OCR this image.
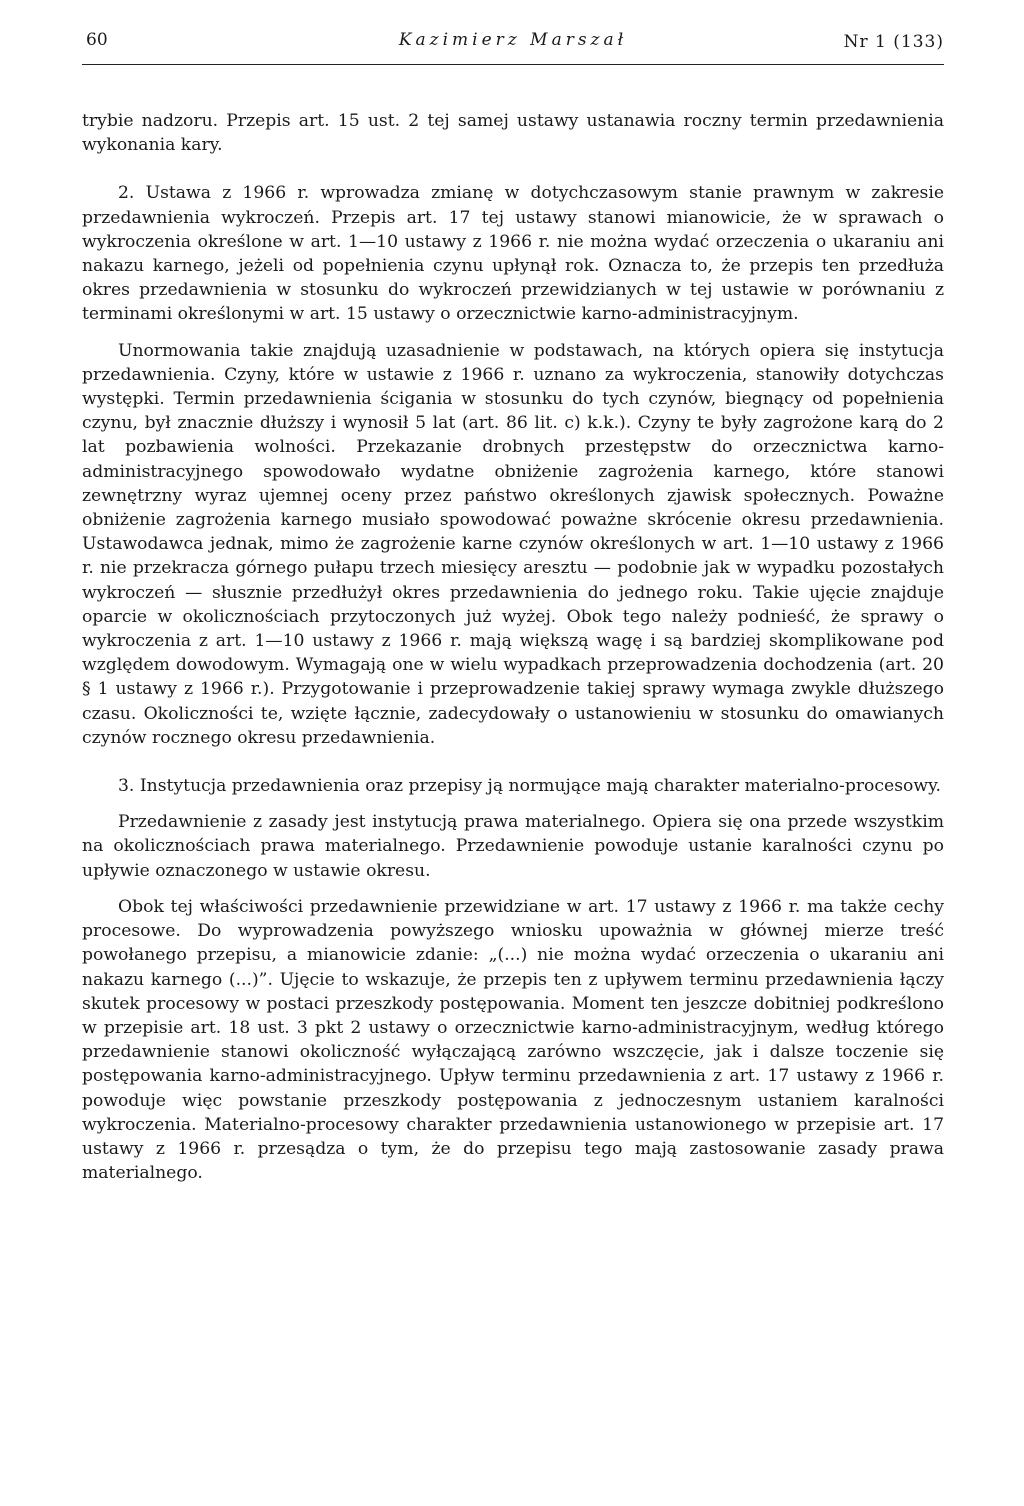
60	Kazimierz Marszał	Nr 1 (133)

trybie nadzoru. Przepis art. 15 ust. 2 tej samej ustawy ustanawia roczny termin przedawnienia wykonania kary.

2. Ustawa z 1966 r. wprowadza zmianę w dotychczasowym stanie prawnym w zakresie przedawnienia wykroczeń. Przepis art. 17 tej ustawy stanowi mianowicie, że w sprawach o wykroczenia określone w art. 1—10 ustawy z 1966 r. nie można wydać orzeczenia o ukaraniu ani nakazu karnego, jeżeli od popełnienia czynu upłynął rok. Oznacza to, że przepis ten przedłuża okres przedawnienia w stosunku do wykroczeń przewidzianych w tej ustawie w porównaniu z terminami określonymi w art. 15 ustawy o orzecznictwie karno-administracyjnym.

Unormowania takie znajdują uzasadnienie w podstawach, na których opiera się instytucja przedawnienia. Czyny, które w ustawie z 1966 r. uznano za wykroczenia, stanowiły dotychczas występki. Termin przedawnienia ścigania w stosunku do tych czynów, biegnący od popełnienia czynu, był znacznie dłuższy i wynosił 5 lat (art. 86 lit. c) k.k.). Czyny te były zagrożone karą do 2 lat pozbawienia wolności. Przekazanie drobnych przestępstw do orzecznictwa karno-administracyjnego spowodowało wydatne obniżenie zagrożenia karnego, które stanowi zewnętrzny wyraz ujemnej oceny przez państwo określonych zjawisk społecznych. Poważne obniżenie zagrożenia karnego musiało spowodować poważne skrócenie okresu przedawnienia. Ustawodawca jednak, mimo że zagrożenie karne czynów określonych w art. 1—10 ustawy z 1966 r. nie przekracza górnego pułapu trzech miesięcy aresztu — podobnie jak w wypadku pozostałych wykroczeń — słusznie przedłużył okres przedawnienia do jednego roku. Takie ujęcie znajduje oparcie w okolicznościach przytoczonych już wyżej. Obok tego należy podnieść, że sprawy o wykroczenia z art. 1—10 ustawy z 1966 r. mają większą wagę i są bardziej skomplikowane pod względem dowodowym. Wymagają one w wielu wypadkach przeprowadzenia dochodzenia (art. 20 § 1 ustawy z 1966 r.). Przygotowanie i przeprowadzenie takiej sprawy wymaga zwykle dłuższego czasu. Okoliczności te, wzięte łącznie, zadecydowały o ustanowieniu w stosunku do omawianych czynów rocznego okresu przedawnienia.

3. Instytucja przedawnienia oraz przepisy ją normujące mają charakter materialno-procesowy.

Przedawnienie z zasady jest instytucją prawa materialnego. Opiera się ona przede wszystkim na okolicznościach prawa materialnego. Przedawnienie powoduje ustanie karalności czynu po upływie oznaczonego w ustawie okresu.

Obok tej właściwości przedawnienie przewidziane w art. 17 ustawy z 1966 r. ma także cechy procesowe. Do wyprowadzenia powyższego wniosku upoważnia w głównej mierze treść powołanego przepisu, a mianowicie zdanie: „(...) nie można wydać orzeczenia o ukaraniu ani nakazu karnego (...)”. Ujęcie to wskazuje, że przepis ten z upływem terminu przedawnienia łączy skutek procesowy w postaci przeszkody postępowania. Moment ten jeszcze dobitniej podkreślono w przepisie art. 18 ust. 3 pkt 2 ustawy o orzecznictwie karno-administracyjnym, według którego przedawnienie stanowi okoliczność wyłączającą zarówno wszczęcie, jak i dalsze toczenie się postępowania karno-administracyjnego. Upływ terminu przedawnienia z art. 17 ustawy z 1966 r. powoduje więc powstanie przeszkody postępowania z jednoczesnym ustaniem karalności wykroczenia. Materialno-procesowy charakter przedawnienia ustanowionego w przepisie art. 17 ustawy z 1966 r. przesądza o tym, że do przepisu tego mają zastosowanie zasady prawa materialnego.
